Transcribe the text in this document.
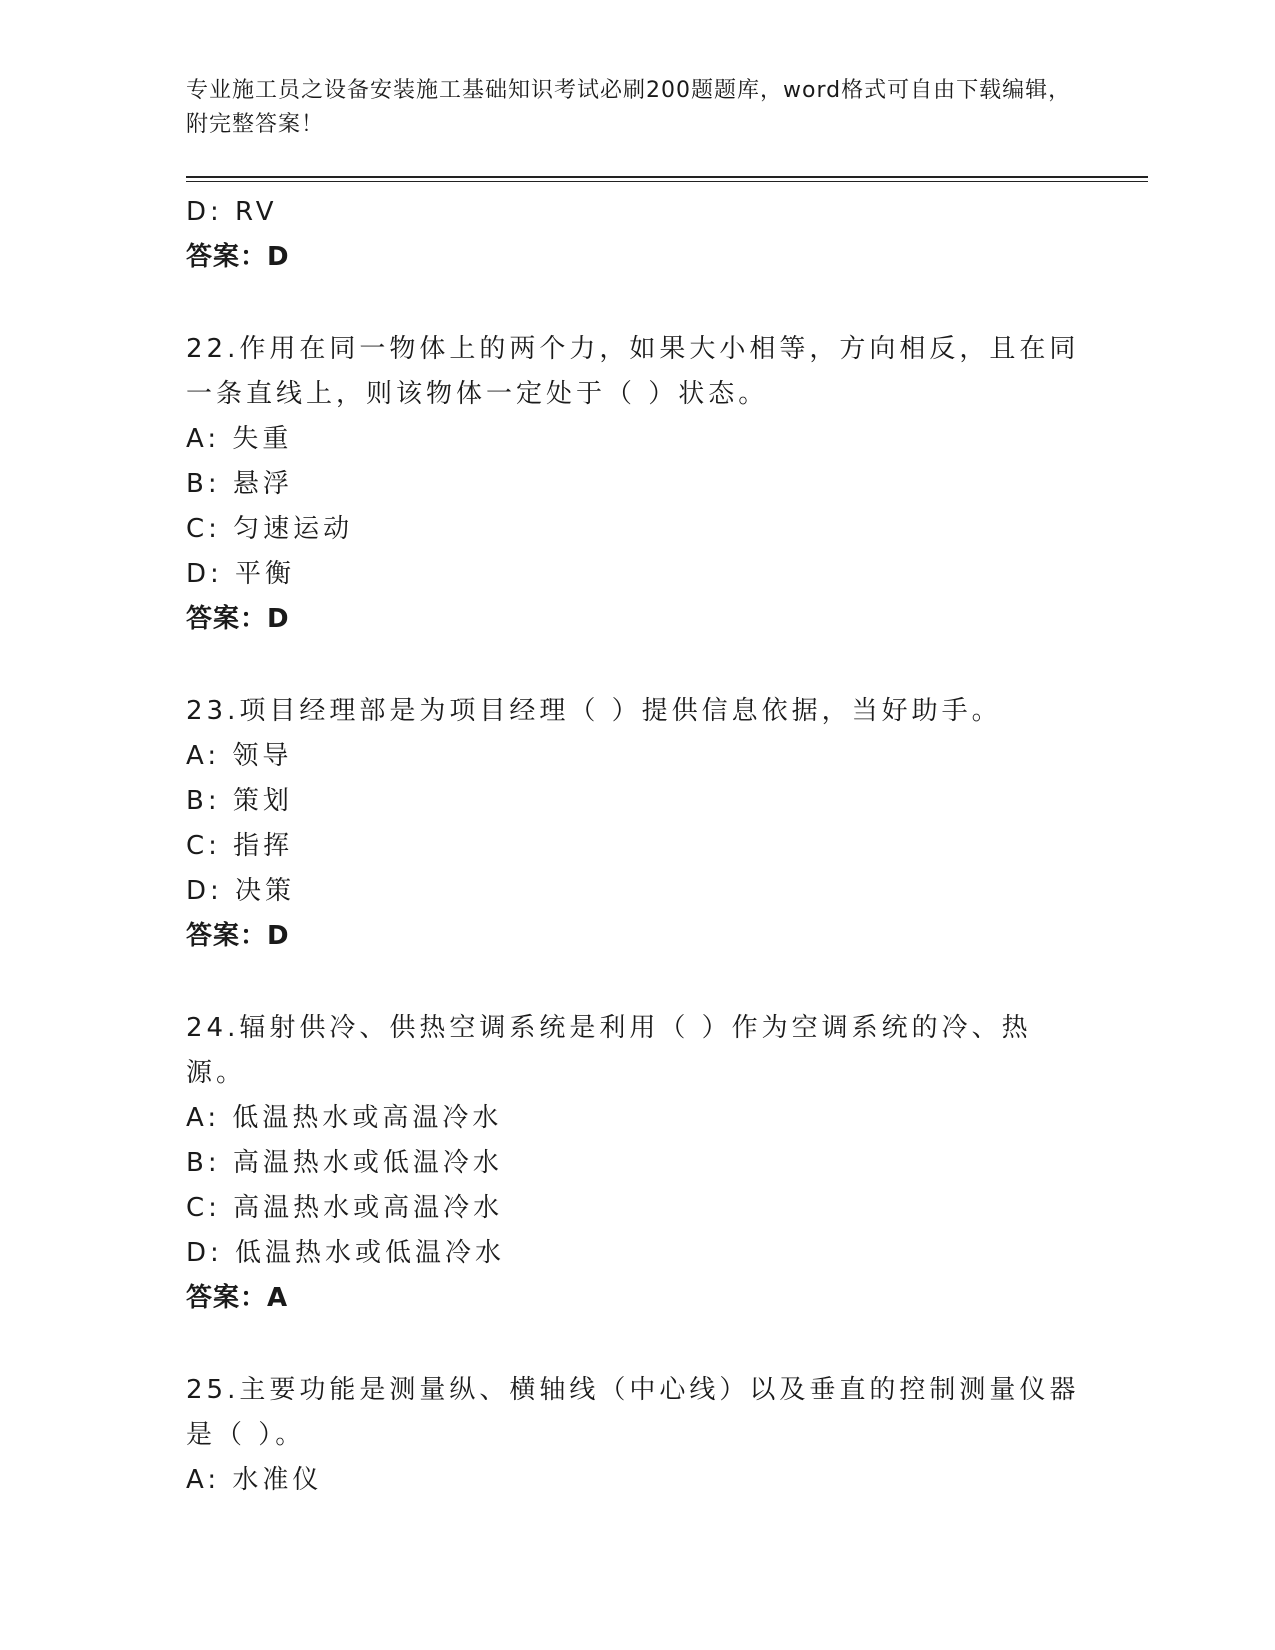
专业施工员之设备安装施工基础知识考试必刷200题题库，word格式可自由下载编辑，附完整答案！
D: RV
答案：D
22.作用在同一物体上的两个力，如果大小相等，方向相反，且在同一条直线上，则该物体一定处于（ ）状态。
A: 失重
B: 悬浮
C: 匀速运动
D: 平衡
答案：D
23.项目经理部是为项目经理（ ）提供信息依据，当好助手。
A: 领导
B: 策划
C: 指挥
D: 决策
答案：D
24.辐射供冷、供热空调系统是利用（ ）作为空调系统的冷、热源。
A: 低温热水或高温冷水
B: 高温热水或低温冷水
C: 高温热水或高温冷水
D: 低温热水或低温冷水
答案：A
25.主要功能是测量纵、横轴线（中心线）以及垂直的控制测量仪器是（ ）。
A: 水准仪
